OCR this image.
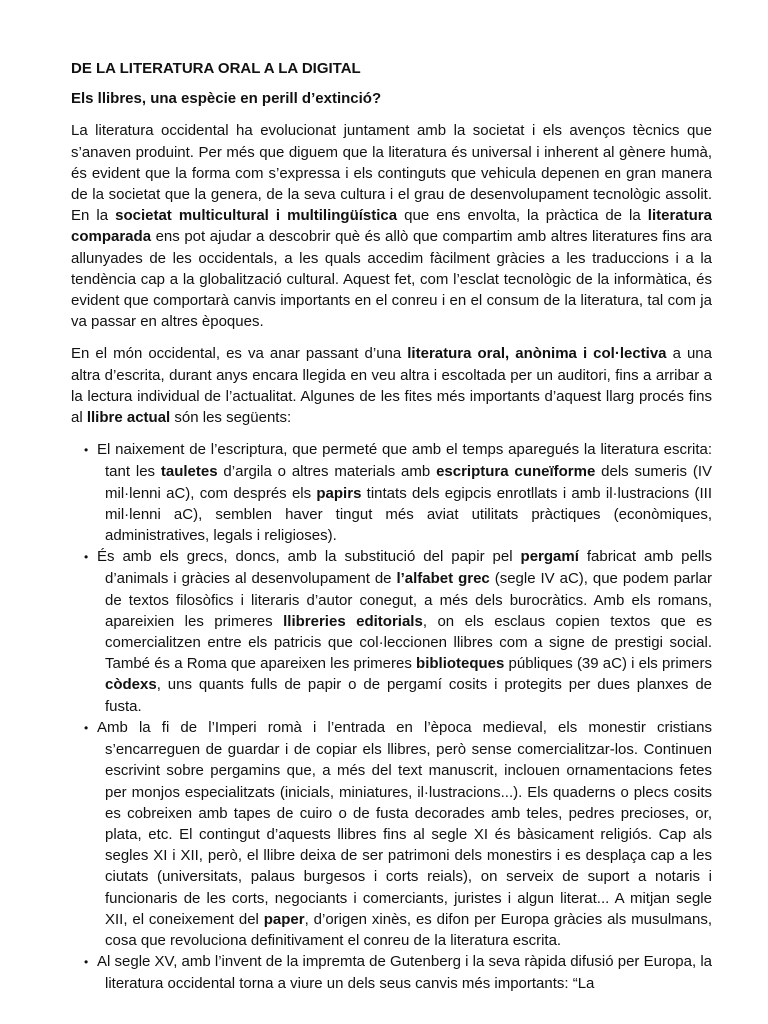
DE LA LITERATURA ORAL A LA DIGITAL
Els llibres, una espècie en perill d’extinció?

La literatura occidental ha evolucionat juntament amb la societat i els avenços tècnics que s’anaven produint. Per més que diguem que la literatura és universal i inherent al gènere humà, és evident que la forma com s’expressa i els continguts que vehicula depenen en gran manera de la societat que la genera, de la seva cultura i el grau de desenvolupament tecnològic assolit. En la societat multicultural i multilingüística que ens envolta, la pràctica de la literatura comparada ens pot ajudar a descobrir què és allò que compartim amb altres literatures fins ara allunyades de les occidentals, a les quals accedim fàcilment gràcies a les traduccions i a la tendència cap a la globalització cultural. Aquest fet, com l’esclat tecnològic de la informàtica, és evident que comportarà canvis importants en el conreu i en el consum de la literatura, tal com ja va passar en altres èpoques.

En el món occidental, es va anar passant d’una literatura oral, anònima i col·lectiva a una altra d’escrita, durant anys encara llegida en veu altra i escoltada per un auditori, fins a arribar a la lectura individual de l’actualitat. Algunes de les fites més importants d’aquest llarg procés fins al llibre actual són les següents:

• El naixement de l’escriptura, que permeté que amb el temps aparegués la literatura escrita: tant les tauletes d’argila o altres materials amb escriptura cuneïforme dels sumeris (IV mil·lenni aC), com després els papirs tintats dels egipcis enrotllats i amb il·lustracions (III mil·lenni aC), semblen haver tingut més aviat utilitats pràctiques (econòmiques, administratives, legals i religioses).
• És amb els grecs, doncs, amb la substitució del papir pel pergamí fabricat amb pells d’animals i gràcies al desenvolupament de l’alfabet grec (segle IV aC), que podem parlar de textos filosòfics i literaris d’autor conegut, a més dels burocràtics. Amb els romans, apareixien les primeres llibreries editorials, on els esclaus copien textos que es comercialitzen entre els patricis que col·leccionen llibres com a signe de prestigi social. També és a Roma que apareixen les primeres biblioteques públiques (39 aC) i els primers còdexs, uns quants fulls de papir o de pergamí cosits i protegits per dues planxes de fusta.
• Amb la fi de l’Imperi romà i l’entrada en l’època medieval, els monestir cristians s’encarreguen de guardar i de copiar els llibres, però sense comercialitzar-los. Continuen escrivint sobre pergamins que, a més del text manuscrit, inclouen ornamentacions fetes per monjos especialitzats (inicials, miniatures, il·lustracions...). Els quaderns o plecs cosits es cobreixen amb tapes de cuiro o de fusta decorades amb teles, pedres precioses, or, plata, etc. El contingut d’aquests llibres fins al segle XI és bàsicament religiós. Cap als segles XI i XII, però, el llibre deixa de ser patrimoni dels monestirs i es desplaça cap a les ciutats (universitats, palaus burgesos i corts reials), on serveix de suport a notaris i funcionaris de les corts, negociants i comerciants, juristes i algun literat... A mitjan segle XII, el coneixement del paper, d’origen xinès, es difon per Europa gràcies als musulmans, cosa que revoluciona definitivament el conreu de la literatura escrita.
• Al segle XV, amb l’invent de la impremta de Gutenberg i la seva ràpida difusió per Europa, la literatura occidental torna a viure un dels seus canvis més importants: “La
